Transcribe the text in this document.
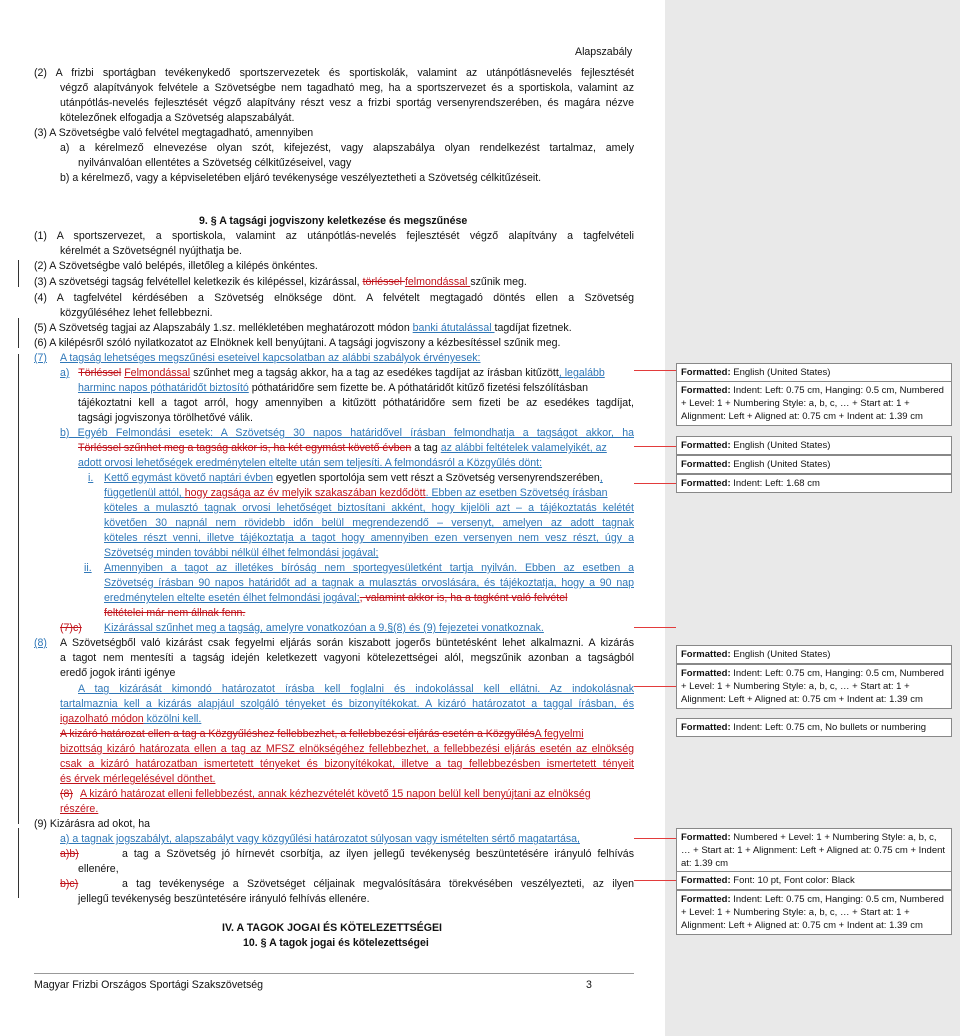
Alapszabály
(2) A frizbi sportágban tevékenykedő sportszervezetek és sportiskolák, valamint az utánpótlásnevelés fejlesztését
végző alapítványok felvétele a Szövetségbe nem tagadható meg, ha a sportszervezet és a sportiskola, valamint az
utánpótlás-nevelés fejlesztését végző alapítvány részt vesz a frizbi sportág versenyrendszerében, és magára nézve
kötelezőnek elfogadja a Szövetség alapszabályát.
(3) A Szövetségbe való felvétel megtagadható, amennyiben
a) a kérelmező elnevezése olyan szót, kifejezést, vagy alapszabálya olyan rendelkezést tartalmaz, amely
nyilvánvalóan ellentétes a Szövetség célkitűzéseivel, vagy
b) a kérelmező, vagy a képviseletében eljáró tevékenysége veszélyeztetheti a Szövetség célkitűzéseit.
9. § A tagsági jogviszony keletkezése és megszűnése
(1) A sportszervezet, a sportiskola, valamint az utánpótlás-nevelés fejlesztését végző alapítvány a tagfelvételi
kérelmét a Szövetségnél nyújthatja be.
(2) A Szövetségbe való belépés, illetőleg a kilépés önkéntes.
(3) A szövetségi tagság felvétellel keletkezik és kilépéssel, kizárással, törléssel felmondással szűnik meg.
(4) A tagfelvétel kérdésében a Szövetség elnöksége dönt. A felvételt megtagadó döntés ellen a Szövetség
közgyűléséhez lehet fellebbezni.
(5) A Szövetség tagjai az Alapszabály 1.sz. mellékletében meghatározott módon banki átutalással tagdíjat fizetnek.
(6) A kilépésről szóló nyilatkozatot az Elnöknek kell benyújtani. A tagsági jogviszony a kézbesítéssel szűnik meg.
(7) A tagság lehetséges megszűnési eseteivel kapcsolatban az alábbi szabályok érvényesek:
a) Törléssel Felmondással szűnhet meg a tagság akkor, ha a tag az esedékes tagdíjat az írásban kitűzött, legalább
harminc napos póthatáridőt biztosító póthatáridőre sem fizette be. A póthatáridőt kitűző fizetési felszólításban
tájékoztatni kell a tagot arról, hogy amennyiben a kitűzött póthatáridőre sem fizeti be az esedékes tagdíjat,
tagsági jogviszonya törölhetővé válik.
b) Egyéb Felmondási esetek: A Szövetség 30 napos határidővel írásban felmondhatja a tagságot akkor, ha
Törléssel szűnhet meg a tagság akkor is, ha két egymást követő évben a tag az alábbi feltételek valamelyikét, az
adott orvosi lehetőségek eredménytelen eltelte után sem teljesíti. A felmondásról a Közgyűlés dönt:
i. Kettő egymást követő naptári évben egyetlen sportolója sem vett részt a Szövetség versenyrendszerében,
függetlenül attól, hogy zagsága az év melyik szakaszában kezdődött. Ebben az esetben Szövetség írásban
köteles a mulasztó tagnak orvosi lehetőséget biztosítani akként, hogy kijelöli azt – a tájékoztatás kelétét
követően 30 napnál nem rövidebb időn belül megrendezendő – versenyt, amelyen az adott tagnak
köteles részt venni, illetve tájékoztatja a tagot hogy amennyiben ezen versenyen nem vesz részt, úgy a
Szövetség minden további nélkül élhet felmondási jogával;
ii. Amennyiben a tagot az illetékes bíróság nem sportegyesületként tartja nyilván. Ebben az esetben a
Szövetség írásban 90 napos határidőt ad a tagnak a mulasztás orvoslására, és tájékoztatja, hogy a 90 nap
eredménytelen eltelte esetén élhet felmondási jogával;, valamint akkor is, ha a tagként való felvétel
feltételei már nem állnak fenn.
(7)c) Kizárással szűnhet meg a tagság, amelyre vonatkozóan a 9.§(8) és (9) fejezetei vonatkoznak.
(8) A Szövetségből való kizárást csak fegyelmi eljárás során kiszabott jogerős büntetésként lehet alkalmazni. A kizárás
a tagot nem mentesíti a tagság idején keletkezett vagyoni kötelezettségei alól, megszűnik azonban a tagságból
eredő jogok iránti igénye
A tag kizárását kimondó határozatot írásba kell foglalni és indokolással kell ellátni. Az indokolásnak
tartalmaznia kell a kizárás alapjául szolgáló tényeket és bizonyítékokat. A kizáró határozatot a taggal írásban, és
igazolható módon közölni kell.
A kizáró határozat ellen a tag a Közgyűléshez fellebbezhet, a fellebbezési eljárás esetén a KözgyűlésA fegyelmi
bizottság kizáró határozata ellen a tag az MFSZ elnökségéhez fellebbezhet, a fellebbezési eljárás esetén az elnökség
csak a kizáró határozatban ismertetett tényeket és bizonyítékokat, illetve a tag fellebbezésben ismertetett tényeit
és érvek mérlegelésével dönthet.
(8) A kizáró határozat elleni fellebbezést, annak kézhezvételét követő 15 napon belül kell benyújtani az elnökség
részére.
(9) Kizárásra ad okot, ha
a) a tagnak jogszabályt, alapszabályt vagy közgyűlési határozatot súlyosan vagy ismételten sértő magatartása,
a)b)	a tag a Szövetség jó hírnevét csorbítja, az ilyen jellegű tevékenység beszüntetésére irányuló felhívás
ellenére,
b)c)	a tag tevékenysége a Szövetséget céljainak megvalósítására törekvésében veszélyezteti, az ilyen
jellegű tevékenység beszüntetésére irányuló felhívás ellenére.
IV. A TAGOK JOGAI ÉS KÖTELEZETTSÉGEI
10. § A tagok jogai és kötelezettségei
Magyar Frizbi Országos Sportági Szakszövetség	3
Formatted: English (United States)
Formatted: Indent: Left: 0.75 cm, Hanging: 0.5 cm, Numbered + Level: 1 + Numbering Style: a, b, c, … + Start at: 1 + Alignment: Left + Aligned at: 0.75 cm + Indent at: 1.39 cm
Formatted: English (United States)
Formatted: English (United States)
Formatted: Indent: Left: 1.68 cm
Formatted: English (United States)
Formatted: Indent: Left: 0.75 cm, Hanging: 0.5 cm, Numbered + Level: 1 + Numbering Style: a, b, c, … + Start at: 1 + Alignment: Left + Aligned at: 0.75 cm + Indent at: 1.39 cm
Formatted: Indent: Left: 0.75 cm, No bullets or numbering
Formatted: Numbered + Level: 1 + Numbering Style: a, b, c, … + Start at: 1 + Alignment: Left + Aligned at: 0.75 cm + Indent at: 1.39 cm
Formatted: Font: 10 pt, Font color: Black
Formatted: Indent: Left: 0.75 cm, Hanging: 0.5 cm, Numbered + Level: 1 + Numbering Style: a, b, c, … + Start at: 1 + Alignment: Left + Aligned at: 0.75 cm + Indent at: 1.39 cm
